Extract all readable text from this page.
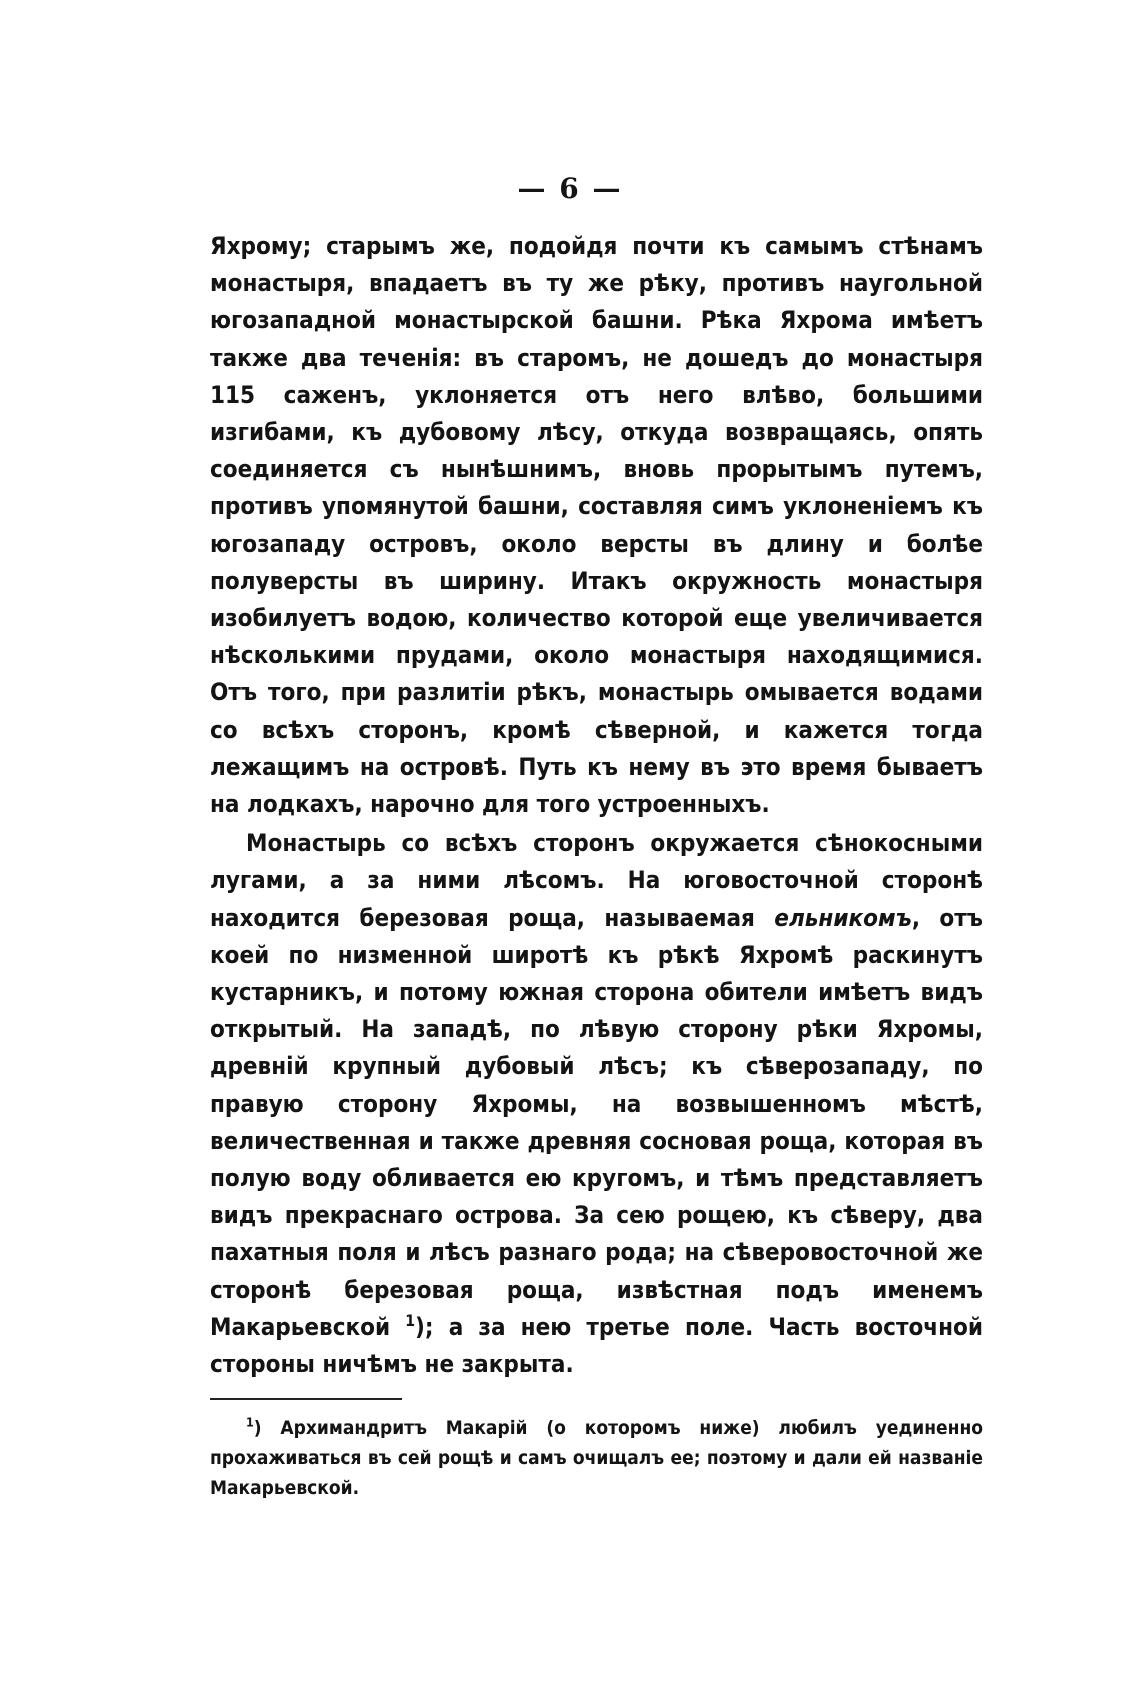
— 6 —

Яхрому; старымъ же, подойдя почти къ самымъ стѣнамъ монастыря, впадаетъ въ ту же рѣку, противъ наугольной югозападной монастырской башни. Рѣка Яхрома имѣетъ также два теченія: въ старомъ, не дошедъ до монастыря 115 саженъ, уклоняется отъ него влѣво, большими изгибами, къ дубовому лѣсу, откуда возвращаясь, опять соединяется съ нынѣшнимъ, вновь прорытымъ путемъ, противъ упомянутой башни, составляя симъ уклоненіемъ къ югозападу островъ, около версты въ длину и болѣе полуверсты въ ширину. Итакъ окружность монастыря изобилуетъ водою, количество которой еще увеличивается нѣсколькими прудами, около монастыря находящимися. Отъ того, при разлитіи рѣкъ, монастырь омывается водами со всѣхъ сторонъ, кромѣ сѣверной, и кажется тогда лежащимъ на островѣ. Путь къ нему въ это время бываетъ на лодкахъ, нарочно для того устроенныхъ.

Монастырь со всѣхъ сторонъ окружается сѣнокосными лугами, а за ними лѣсомъ. На юговосточной сторонѣ находится березовая роща, называемая ельникомъ, отъ коей по низменной широтѣ къ рѣкѣ Яхромѣ раскинутъ кустарникъ, и потому южная сторона обители имѣетъ видъ открытый. На западѣ, по лѣвую сторону рѣки Яхромы, древній крупный дубовый лѣсъ; къ сѣверозападу, по правую сторону Яхромы, на возвышенномъ мѣстѣ, величественная и также древняя сосновая роща, которая въ полую воду обливается ею кругомъ, и тѣмъ представляетъ видъ прекраснаго острова. За сею рощею, къ сѣверу, два пахатныя поля и лѣсъ разнаго рода; на сѣверовосточной же сторонѣ березовая роща, извѣстная подъ именемъ Макарьевской $^1$); а за нею третье поле. Часть восточной стороны ничѣмъ не закрыта.

$^1$) Архимандритъ Макарій (о которомъ ниже) любилъ уединенно прохаживаться въ сей рощѣ и самъ очищалъ ее; поэтому и дали ей названіе Макарьевской.
